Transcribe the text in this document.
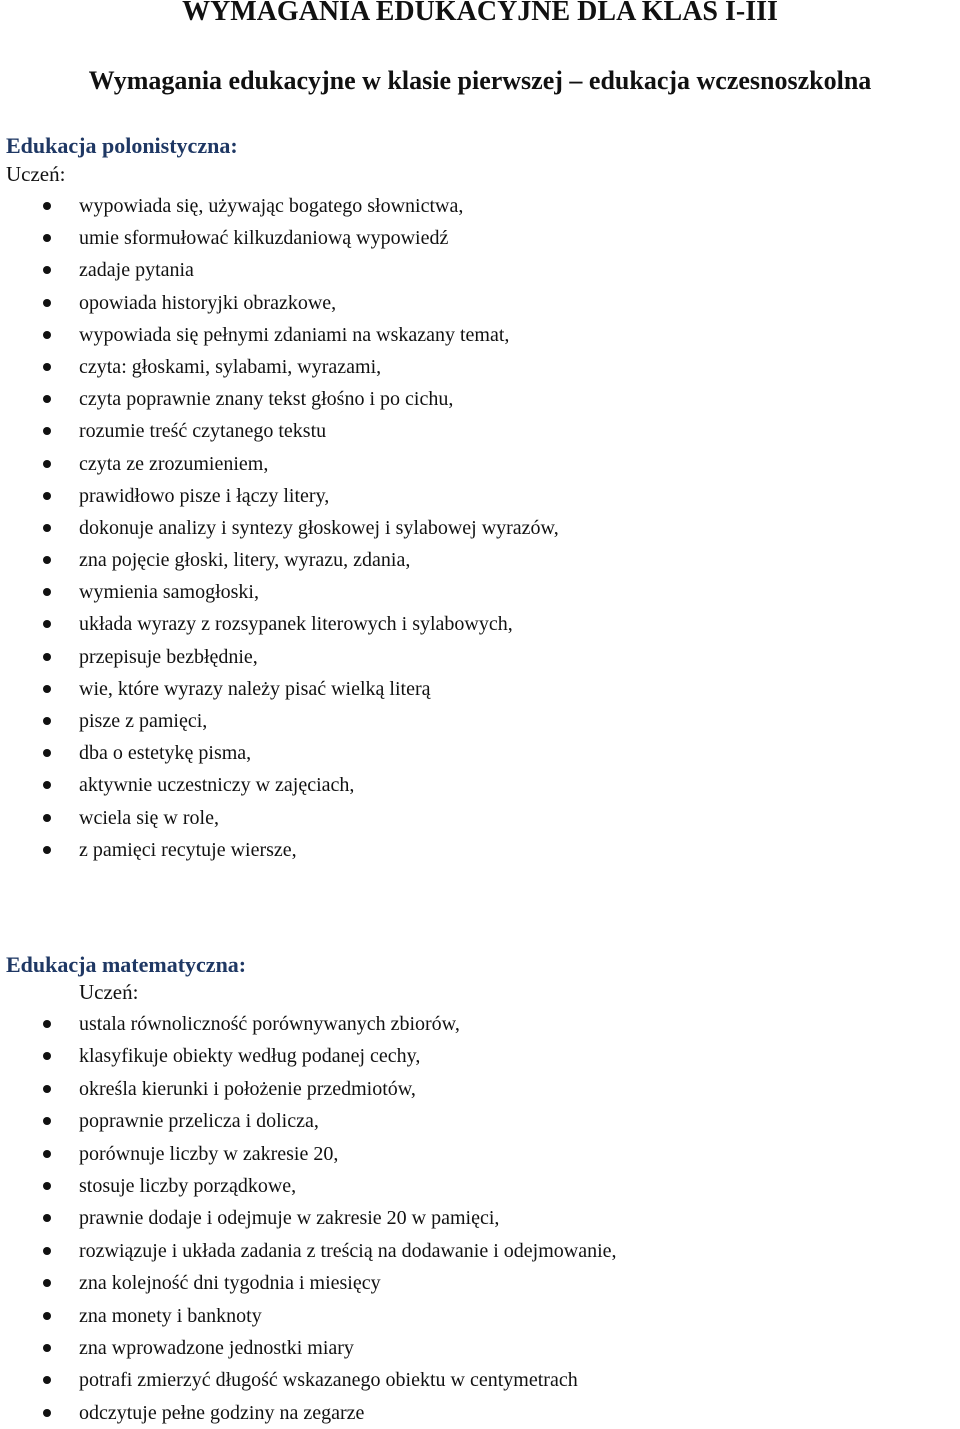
WYMAGANIA EDUKACYJNE DLA KLAS I-III
Wymagania edukacyjne w klasie pierwszej – edukacja wczesnoszkolna
Edukacja polonistyczna:
Uczeń:
wypowiada się, używając bogatego słownictwa,
umie sformułować kilkuzdaniową wypowiedź
zadaje pytania
opowiada historyjki obrazkowe,
wypowiada się pełnymi zdaniami na wskazany temat,
czyta: głoskami, sylabami, wyrazami,
czyta poprawnie znany tekst głośno i po cichu,
rozumie treść czytanego tekstu
czyta ze zrozumieniem,
prawidłowo pisze i łączy litery,
dokonuje analizy i syntezy głoskowej i sylabowej wyrazów,
zna pojęcie głoski, litery, wyrazu, zdania,
wymienia samogłoski,
układa wyrazy z rozsypanek literowych i sylabowych,
przepisuje bezbłędnie,
wie, które wyrazy należy pisać wielką literą
pisze z pamięci,
dba o estetykę pisma,
aktywnie uczestniczy w zajęciach,
wciela się w role,
z pamięci recytuje wiersze,
Edukacja matematyczna:
Uczeń:
ustala równoliczność porównywanych zbiorów,
klasyfikuje obiekty według podanej cechy,
określa kierunki i położenie przedmiotów,
poprawnie przelicza i dolicza,
porównuje liczby w zakresie 20,
stosuje liczby porządkowe,
prawnie dodaje i odejmuje w zakresie 20 w pamięci,
rozwiązuje i układa zadania z treścią na dodawanie i odejmowanie,
zna kolejność dni tygodnia i miesięcy
zna monety i banknoty
zna wprowadzone jednostki miary
potrafi zmierzyć długość wskazanego obiektu w centymetrach
odczytuje pełne godziny na zegarze
